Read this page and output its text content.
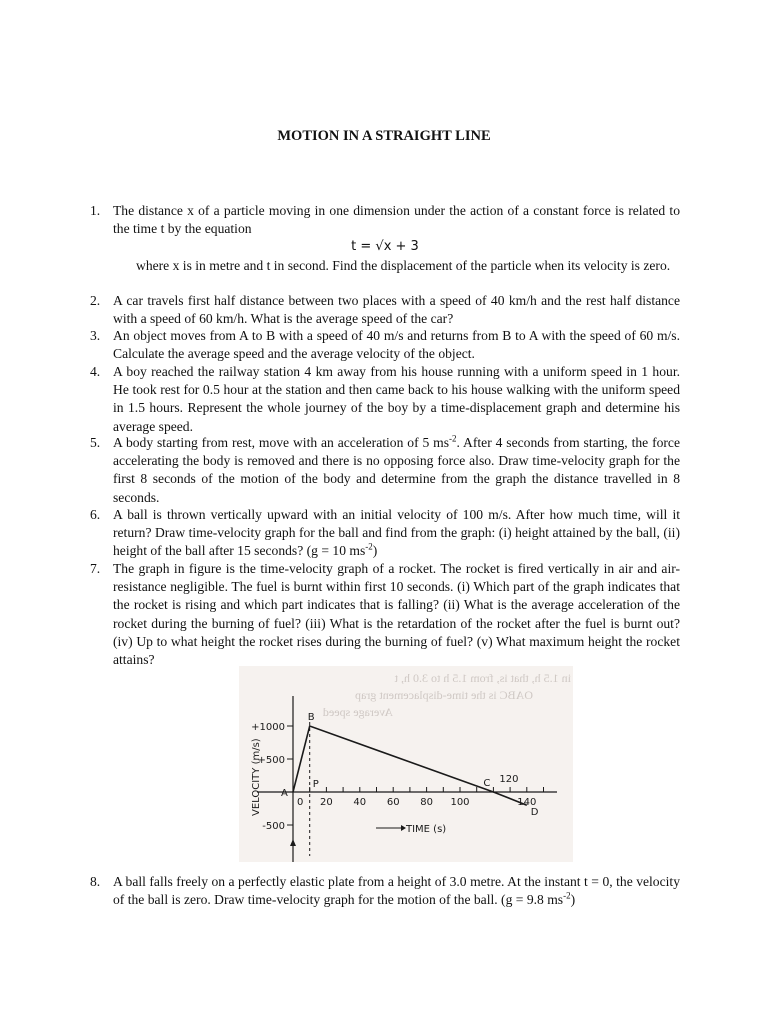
MOTION IN A STRAIGHT LINE
1. The distance x of a particle moving in one dimension under the action of a constant force is related to the time t by the equation
t = √x + 3
where x is in metre and t in second. Find the displacement of the particle when its velocity is zero.
2. A car travels first half distance between two places with a speed of 40 km/h and the rest half distance with a speed of 60 km/h. What is the average speed of the car?
3. An object moves from A to B with a speed of 40 m/s and returns from B to A with the speed of 60 m/s. Calculate the average speed and the average velocity of the object.
4. A boy reached the railway station 4 km away from his house running with a uniform speed in 1 hour. He took rest for 0.5 hour at the station and then came back to his house walking with the uniform speed in 1.5 hours. Represent the whole journey of the boy by a time-displacement graph and determine his average speed.
5. A body starting from rest, move with an acceleration of 5 $ms^{-2}$. After 4 seconds from starting, the force accelerating the body is removed and there is no opposing force also. Draw time-velocity graph for the first 8 seconds of the motion of the body and determine from the graph the distance travelled in 8 seconds.
6. A ball is thrown vertically upward with an initial velocity of 100 m/s. After how much time, will it return? Draw time-velocity graph for the ball and find from the graph: (i) height attained by the ball, (ii) height of the ball after 15 seconds? (g = 10 $ms^{-2}$)
7. The graph in figure is the time-velocity graph of a rocket. The rocket is fired vertically in air and air-resistance negligible. The fuel is burnt within first 10 seconds. (i) Which part of the graph indicates that the rocket is rising and which part indicates that is falling? (ii) What is the average acceleration of the rocket during the burning of fuel? (iii) What is the retardation of the rocket after the fuel is burnt out? (iv) Up to what height the rocket rises during the burning of fuel? (v) What maximum height the rocket attains?
in 1.5 h, that is, from 1.5 h to 3.0 h, t
OABC is the time-displacement grap
Average speed
+1000
+500
-500
20 40 60 80 100	140
0
A
B
P	C 120
D
VELOCITY (m/s)
TIME (s)
8. A ball falls freely on a perfectly elastic plate from a height of 3.0 metre. At the instant t = 0, the velocity of the ball is zero. Draw time-velocity graph for the motion of the ball. (g = 9.8 $ms^{-2}$)
